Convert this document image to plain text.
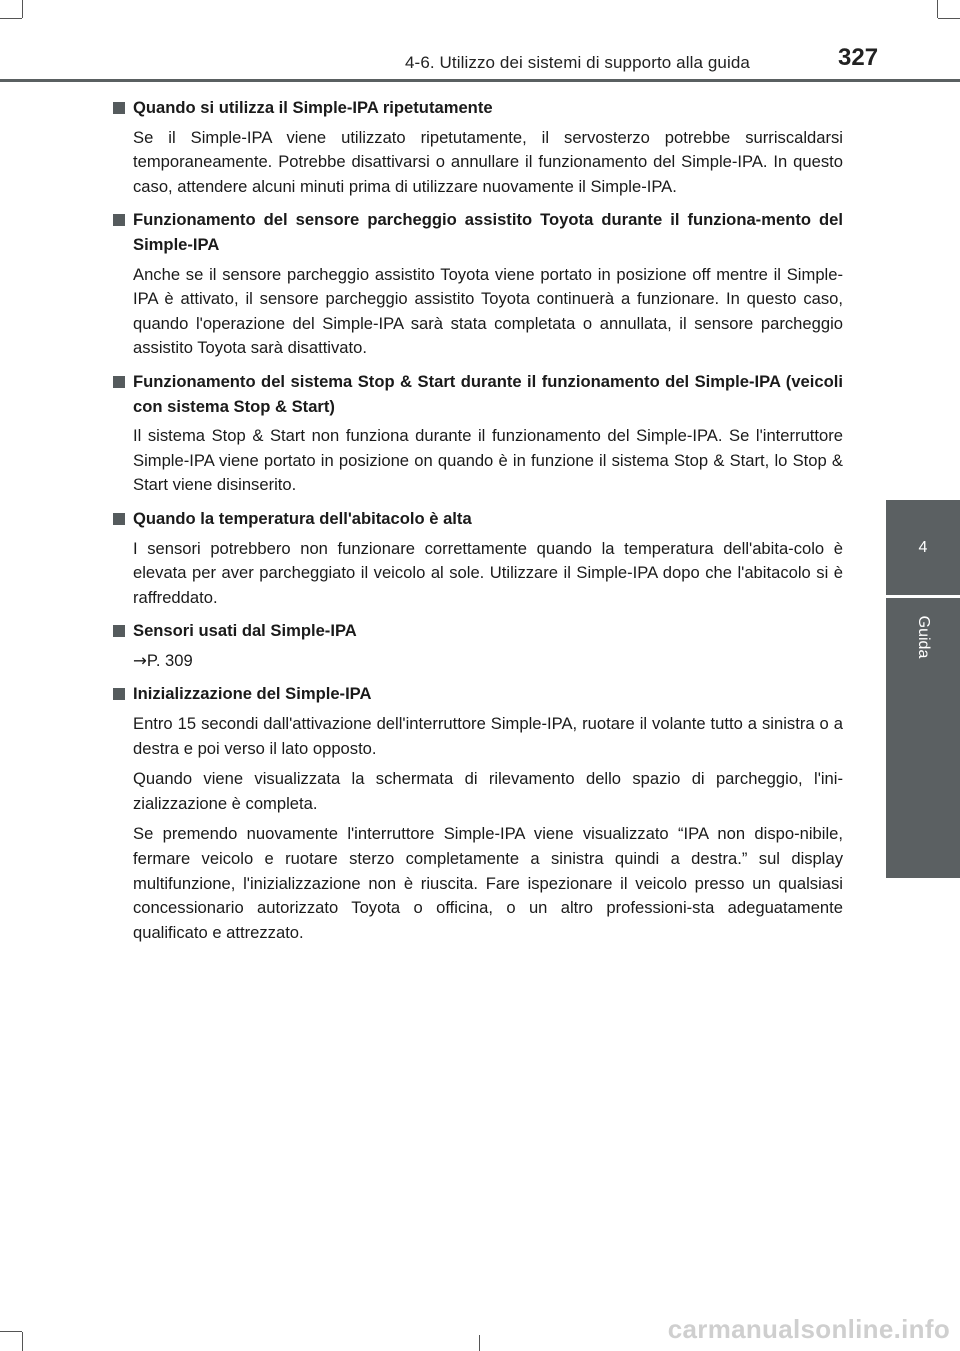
4-6. Utilizzo dei sistemi di supporto alla guida	327
4
Guida
Quando si utilizza il Simple-IPA ripetutamente
Se il Simple-IPA viene utilizzato ripetutamente, il servosterzo potrebbe surriscaldarsi temporaneamente. Potrebbe disattivarsi o annullare il funzionamento del Simple-IPA. In questo caso, attendere alcuni minuti prima di utilizzare nuovamente il Simple-IPA.
Funzionamento del sensore parcheggio assistito Toyota durante il funziona-mento del Simple-IPA
Anche se il sensore parcheggio assistito Toyota viene portato in posizione off mentre il Simple-IPA è attivato, il sensore parcheggio assistito Toyota continuerà a funzionare. In questo caso, quando l'operazione del Simple-IPA sarà stata completata o annullata, il sensore parcheggio assistito Toyota sarà disattivato.
Funzionamento del sistema Stop & Start durante il funzionamento del Simple-IPA (veicoli con sistema Stop & Start)
Il sistema Stop & Start non funziona durante il funzionamento del Simple-IPA. Se l'interruttore Simple-IPA viene portato in posizione on quando è in funzione il sistema Stop & Start, lo Stop & Start viene disinserito.
Quando la temperatura dell'abitacolo è alta
I sensori potrebbero non funzionare correttamente quando la temperatura dell'abita-colo è elevata per aver parcheggiato il veicolo al sole. Utilizzare il Simple-IPA dopo che l'abitacolo si è raffreddato.
Sensori usati dal Simple-IPA
→P. 309
Inizializzazione del Simple-IPA
Entro 15 secondi dall'attivazione dell'interruttore Simple-IPA, ruotare il volante tutto a sinistra o a destra e poi verso il lato opposto.
Quando viene visualizzata la schermata di rilevamento dello spazio di parcheggio, l'ini-zializzazione è completa.
Se premendo nuovamente l'interruttore Simple-IPA viene visualizzato “IPA non dispo-nibile, fermare veicolo e ruotare sterzo completamente a sinistra quindi a destra.” sul display multifunzione, l'inizializzazione non è riuscita. Fare ispezionare il veicolo presso un qualsiasi concessionario autorizzato Toyota o officina, o un altro professioni-sta adeguatamente qualificato e attrezzato.
carmanualsonline.info
